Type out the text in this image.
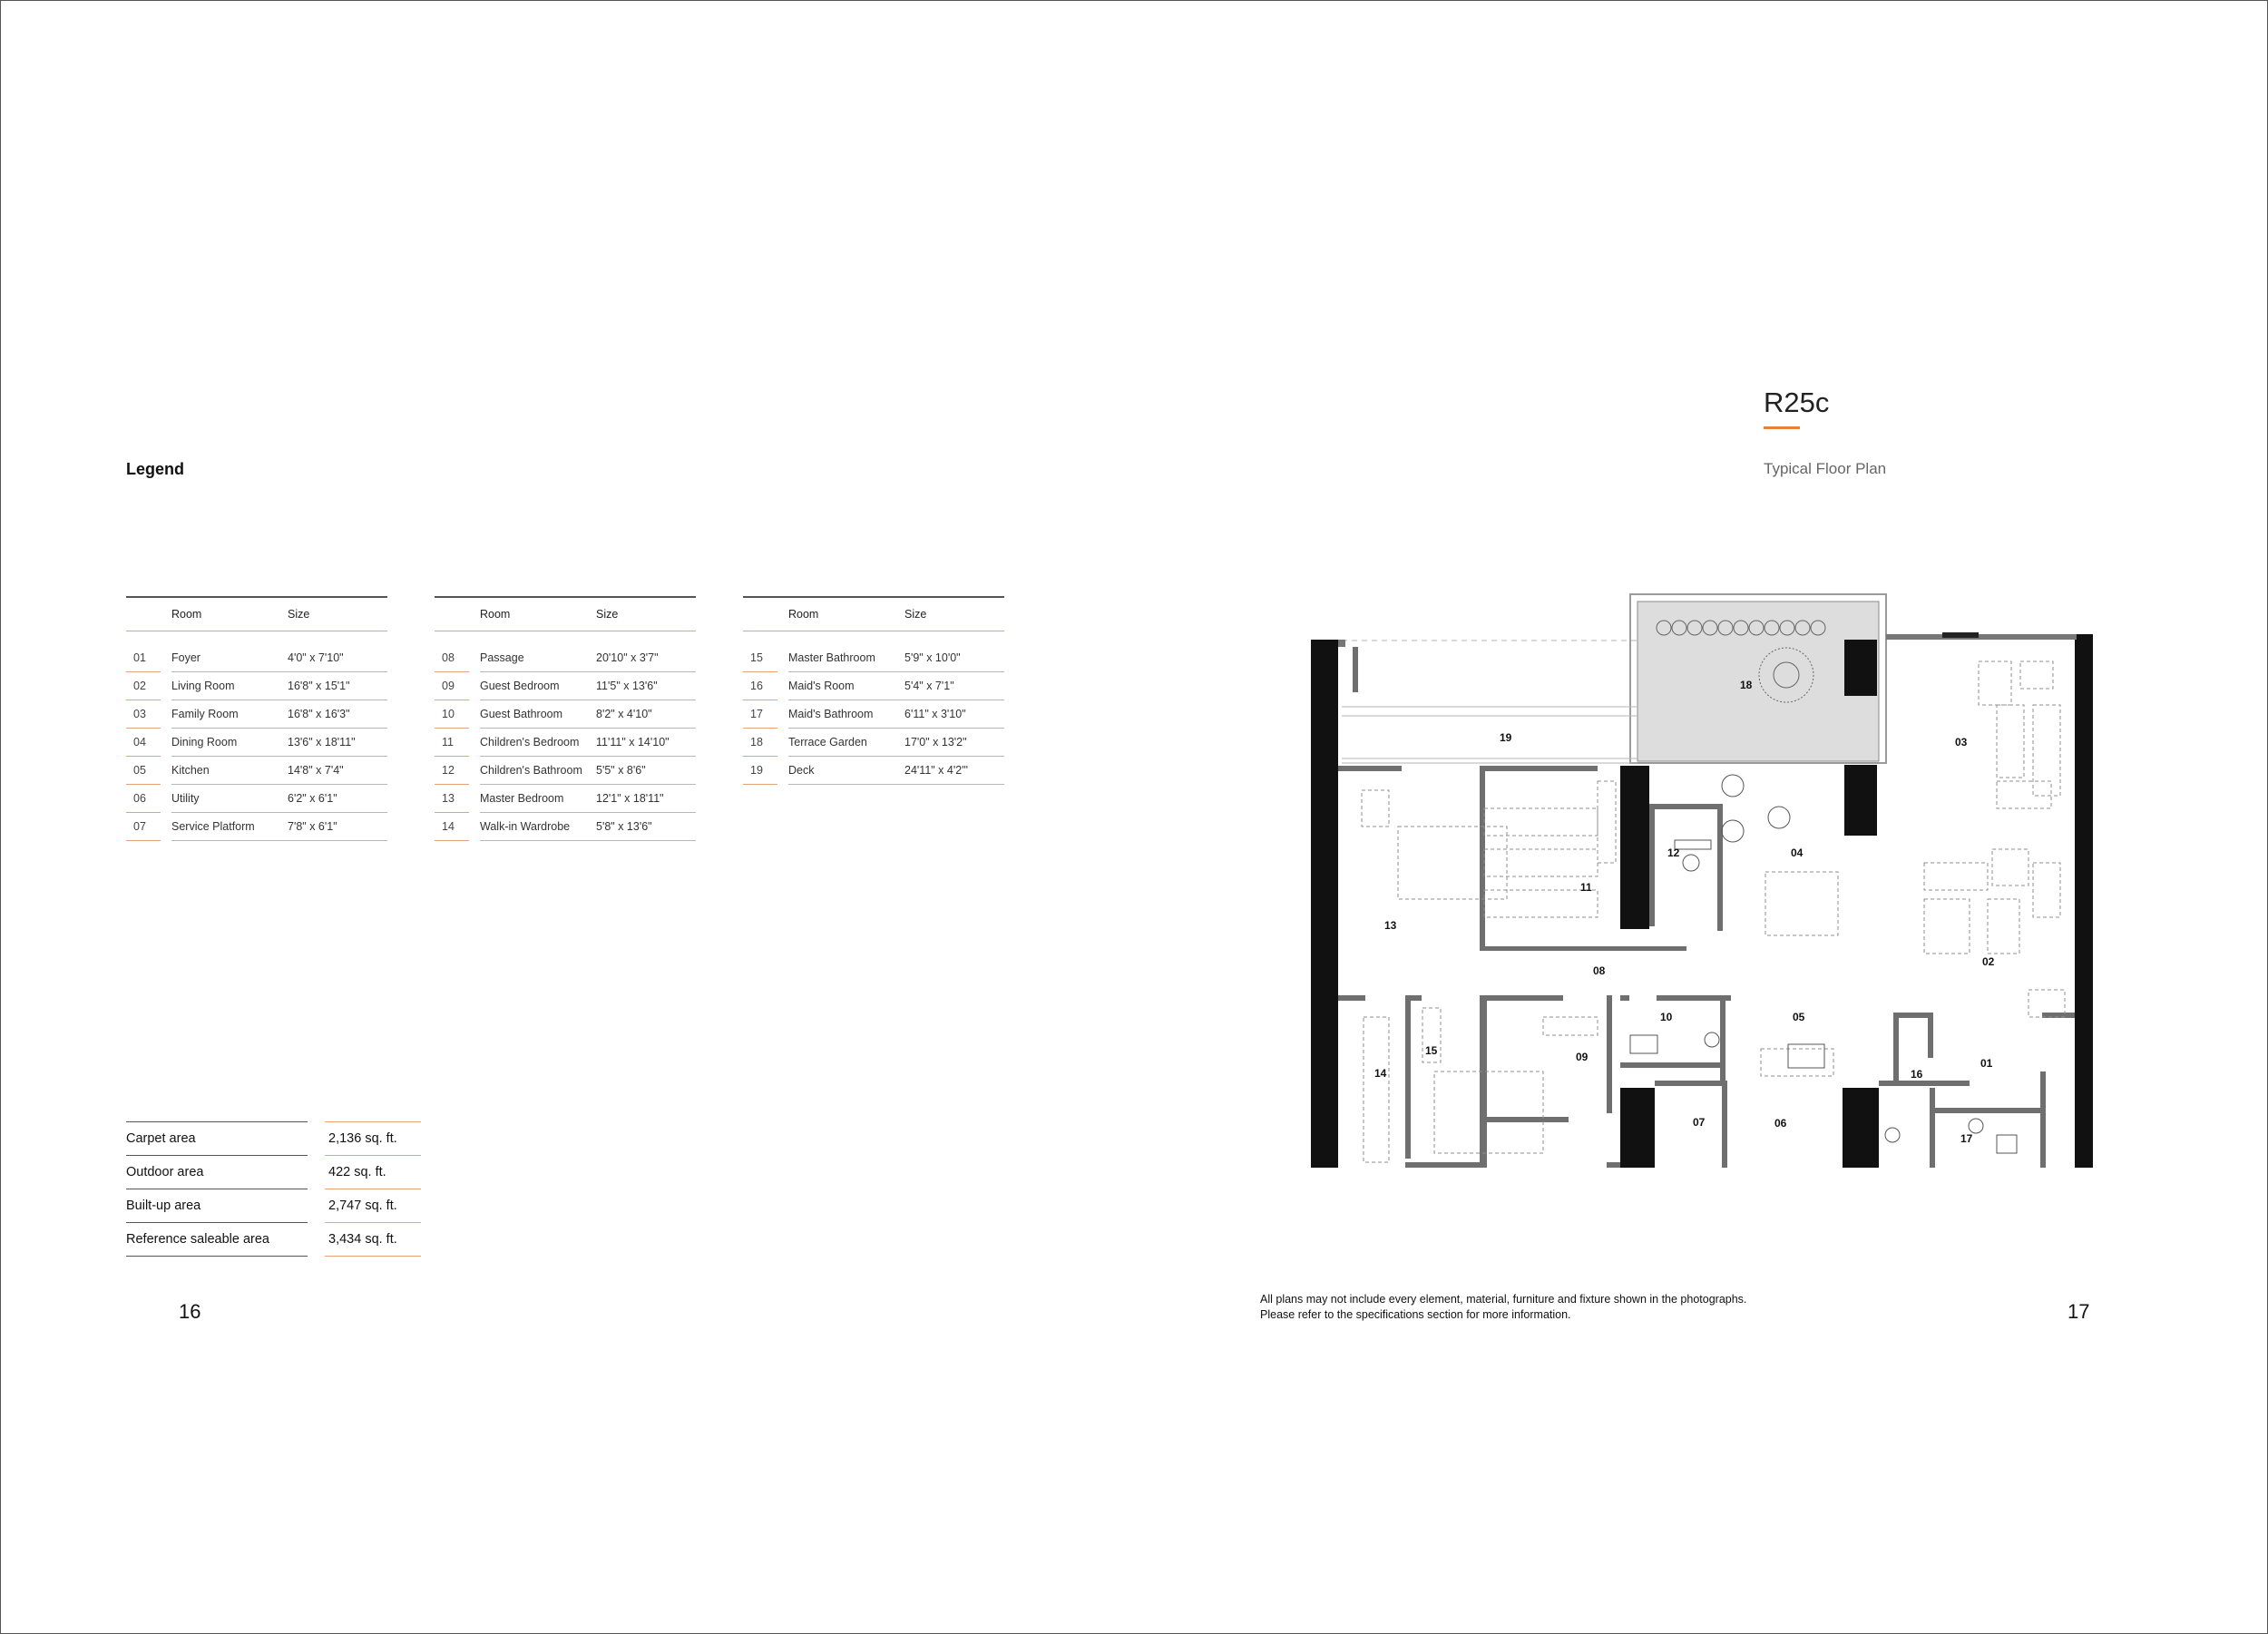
Legend
		Room	Size

01		Foyer	4'0" x 7'10"
02		Living Room	16'8" x 15'1"
03		Family Room	16'8" x 16'3"
04		Dining Room	13'6" x 18'11"
05		Kitchen	14'8" x 7'4"
06		Utility	6'2" x 6'1"
07		Service Platform	7'8" x 6'1"
		Room	Size

08		Passage	20'10" x 3'7"
09		Guest Bedroom	11'5" x 13'6"
10		Guest Bathroom	8'2" x 4'10"
11		Children's Bedroom	11'11" x 14'10"
12		Children's Bathroom	5'5" x 8'6"
13		Master Bedroom	12'1" x 18'11"
14		Walk-in Wardrobe	5'8" x 13'6"
		Room	Size

15		Master Bathroom	5'9" x 10'0"
16		Maid's Room	5'4" x 7'1"
17		Maid's Bathroom	6'11" x 3'10"
18		Terrace Garden	17'0" x 13'2"
19		Deck	24'11" x 4'2"'
Carpet area		2,136 sq. ft.
Outdoor area		422 sq. ft.
Built-up area		2,747 sq. ft.
Reference saleable area		3,434 sq. ft.
16
R25c
Typical Floor Plan
01
02
03
04
05
06
07
08
09
10
11
12
13
14
15
16
17
18
19
All plans may not include every element, material, furniture and fixture shown in the photographs.
Please refer to the specifications section for more information.	17
